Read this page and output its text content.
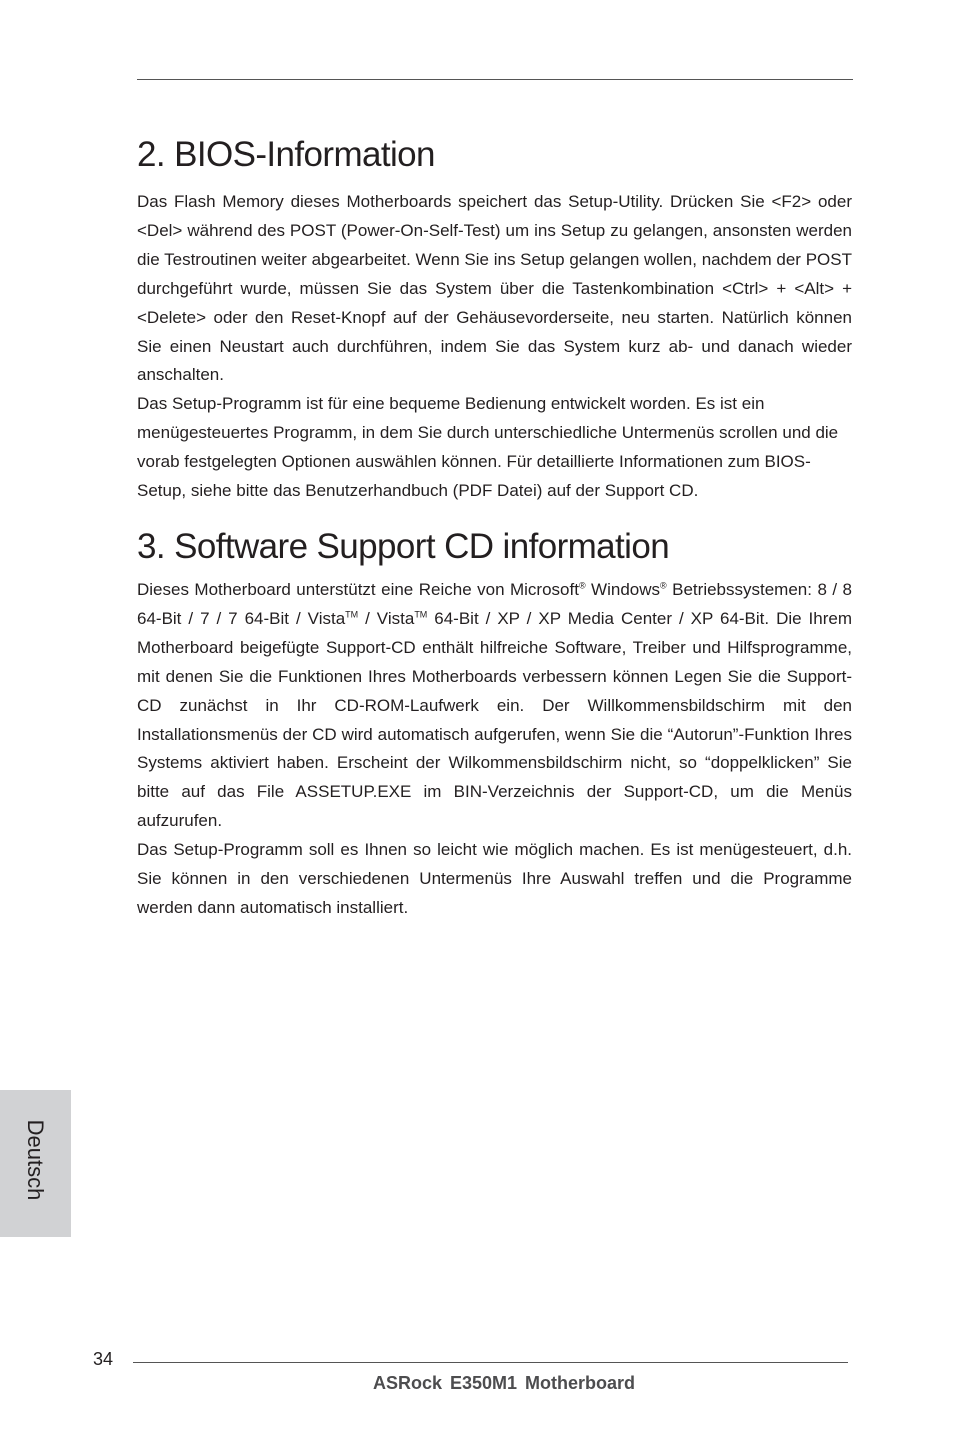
2. BIOS-Information

Das Flash Memory dieses Motherboards speichert das Setup-Utility. Drücken Sie <F2> oder <Del> während des POST (Power-On-Self-Test) um ins Setup zu gelangen, ansonsten werden die Testroutinen weiter abgearbeitet. Wenn Sie ins Setup gelangen wollen, nachdem der POST durchgeführt wurde, müssen Sie das System über die Tastenkombination <Ctrl> + <Alt> + <Delete> oder den Reset-Knopf auf der Gehäusevorderseite, neu starten. Natürlich können Sie einen Neustart auch durchführen, indem Sie das System kurz ab- und danach wieder anschalten.

Das Setup-Programm ist für eine bequeme Bedienung entwickelt worden. Es ist ein menügesteuertes Programm, in dem Sie durch unterschiedliche Untermenüs scrollen und die vorab festgelegten Optionen auswählen können. Für detaillierte Informationen zum BIOS-Setup, siehe bitte das Benutzerhandbuch (PDF Datei) auf der Support CD.

3. Software Support CD information

Dieses Motherboard unterstützt eine Reiche von Microsoft® Windows® Betriebssystemen: 8 / 8 64-Bit / 7 / 7 64-Bit / Vista™ / Vista™ 64-Bit / XP / XP Media Center / XP 64-Bit. Die Ihrem Motherboard beigefügte Support-CD enthält hilfreiche Software, Treiber und Hilfsprogramme, mit denen Sie die Funktionen Ihres Motherboards verbessern können Legen Sie die Support-CD zunächst in Ihr CD-ROM-Laufwerk ein. Der Willkommensbildschirm mit den Installationsmenüs der CD wird automatisch aufgerufen, wenn Sie die “Autorun”-Funktion Ihres Systems aktiviert haben. Erscheint der Wilkommensbildschirm nicht, so “doppelklicken” Sie bitte auf das File ASSETUP.EXE im BIN-Verzeichnis der Support-CD, um die Menüs aufzurufen.

Das Setup-Programm soll es Ihnen so leicht wie möglich machen. Es ist menügesteuert, d.h. Sie können in den verschiedenen Untermenüs Ihre Auswahl treffen und die Programme werden dann automatisch installiert.

Deutsch
34
ASRock E350M1 Motherboard
